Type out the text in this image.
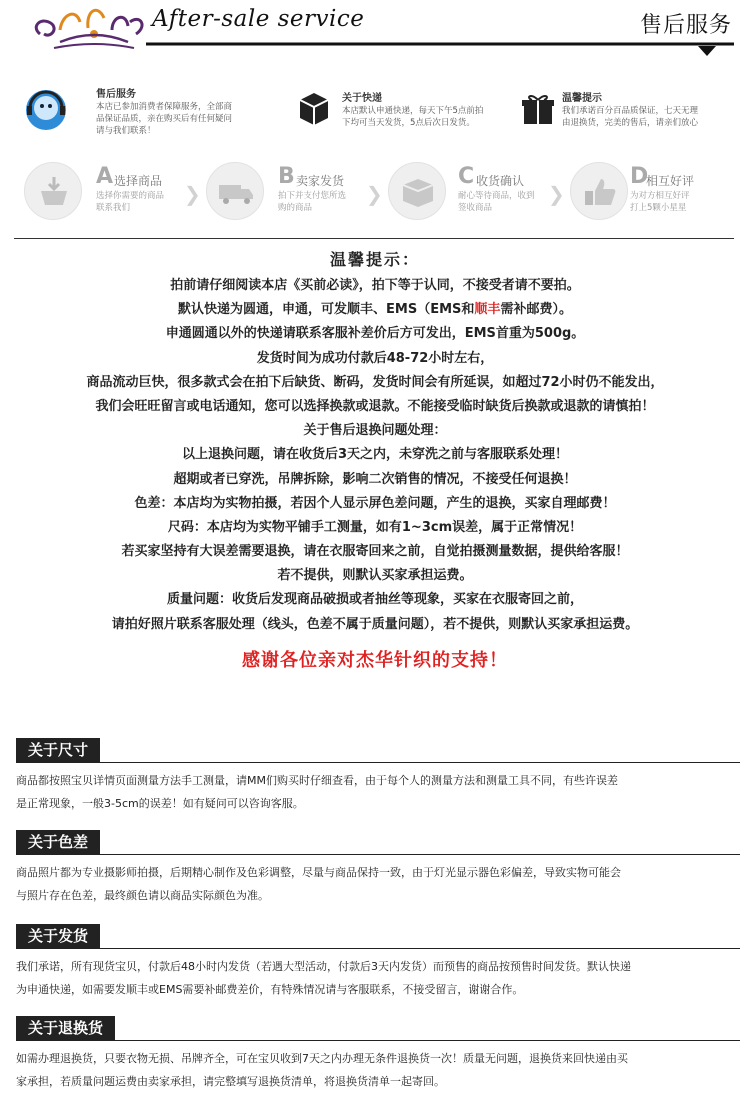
After-sale service	售后服务
售后服务
本店已参加消费者保障服务，全部商
品保证品质，亲在购买后有任何疑问
请与我们联系！
关于快递
本店默认申通快递，每天下午5点前拍
下均可当天发货，5点后次日发货。
温馨提示
我们承诺百分百品质保证，七天无理
由退换货，完美的售后，请亲们放心
A 选择商品
选择你需要的商品
联系我们
❯
B 卖家发货
拍下并支付您所选
购的商品
❯
C 收货确认
耐心等待商品，收到
签收商品
❯
D
相互好评
为对方相互好评
打上5颗小星星
温馨提示：
拍前请仔细阅读本店《买前必读》，拍下等于认同，不接受者请不要拍。
默认快递为圆通，申通，可发顺丰、EMS（EMS和顺丰需补邮费）。
申通圆通以外的快递请联系客服补差价后方可发出，EMS首重为500g。
发货时间为成功付款后48-72小时左右，
商品流动巨快，很多款式会在拍下后缺货、断码，发货时间会有所延误，如超过72小时仍不能发出，
我们会旺旺留言或电话通知，您可以选择换款或退款。不能接受临时缺货后换款或退款的请慎拍！
关于售后退换问题处理：
以上退换问题，请在收货后3天之内，未穿洗之前与客服联系处理！
超期或者已穿洗，吊牌拆除，影响二次销售的情况，不接受任何退换！
色差：本店均为实物拍摄，若因个人显示屏色差问题，产生的退换，买家自理邮费！
尺码：本店均为实物平铺手工测量，如有1~3cm误差，属于正常情况！
若买家坚持有大误差需要退换，请在衣服寄回来之前，自觉拍摄测量数据，提供给客服！
若不提供，则默认买家承担运费。
质量问题：收货后发现商品破损或者抽丝等现象，买家在衣服寄回之前，
请拍好照片联系客服处理（线头，色差不属于质量问题），若不提供，则默认买家承担运费。
感谢各位亲对杰华针织的支持！
关于尺寸
商品都按照宝贝详情页面测量方法手工测量，请MM们购买时仔细查看，由于每个人的测量方法和测量工具不同，有些许误差
是正常现象，一般3-5cm的误差！如有疑问可以咨询客服。
关于色差
商品照片都为专业摄影师拍摄，后期精心制作及色彩调整，尽量与商品保持一致，由于灯光显示器色彩偏差，导致实物可能会
与照片存在色差，最终颜色请以商品实际颜色为准。
关于发货
我们承诺，所有现货宝贝，付款后48小时内发货（若遇大型活动，付款后3天内发货）而预售的商品按预售时间发货。默认快递
为申通快递，如需要发顺丰或EMS需要补邮费差价，有特殊情况请与客服联系，不接受留言，谢谢合作。
关于退换货
如需办理退换货，只要衣物无损、吊牌齐全，可在宝贝收到7天之内办理无条件退换货一次！质量无问题，退换货来回快递由买
家承担，若质量问题运费由卖家承担，请完整填写退换货清单，将退换货清单一起寄回。
